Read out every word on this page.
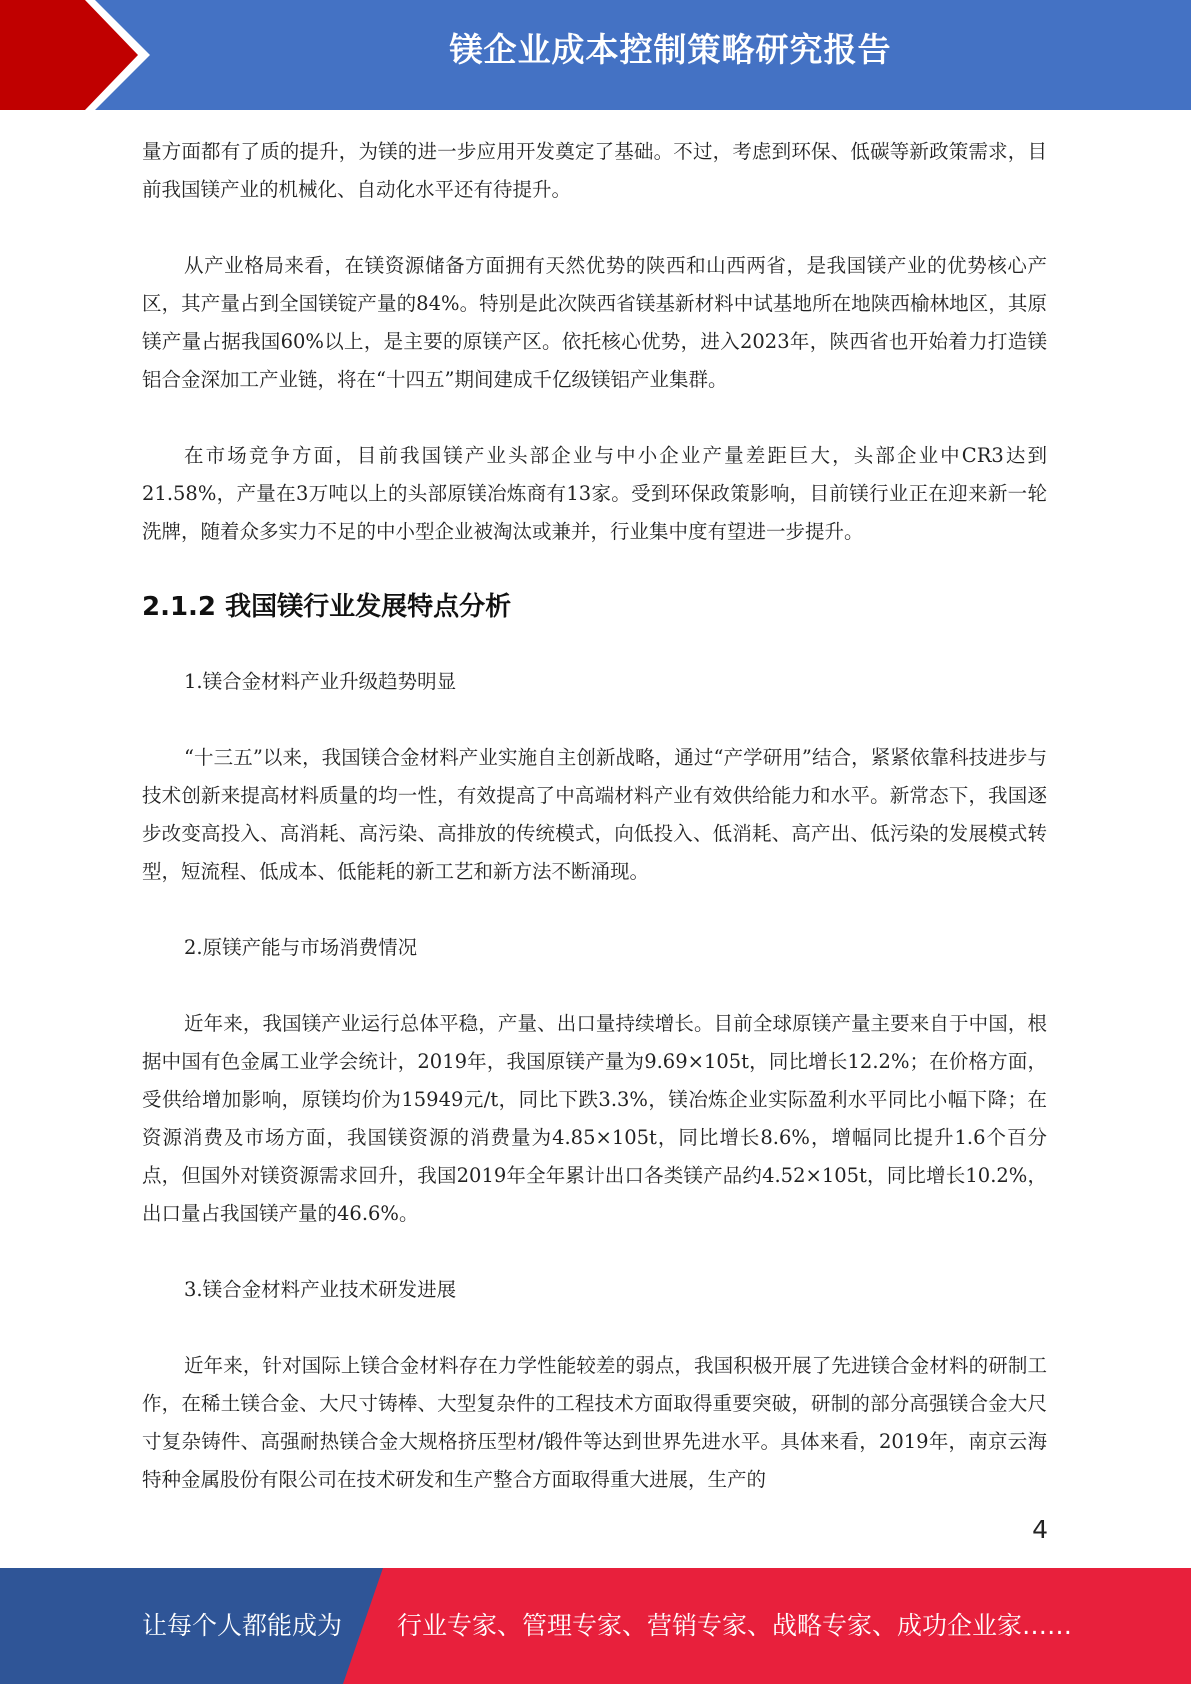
镁企业成本控制策略研究报告

量方面都有了质的提升，为镁的进一步应用开发奠定了基础。不过，考虑到环保、低碳等新政策需求，目前我国镁产业的机械化、自动化水平还有待提升。

从产业格局来看，在镁资源储备方面拥有天然优势的陕西和山西两省，是我国镁产业的优势核心产区，其产量占到全国镁锭产量的84%。特别是此次陕西省镁基新材料中试基地所在地陕西榆林地区，其原镁产量占据我国60%以上，是主要的原镁产区。依托核心优势，进入2023年，陕西省也开始着力打造镁铝合金深加工产业链，将在“十四五”期间建成千亿级镁铝产业集群。

在市场竞争方面，目前我国镁产业头部企业与中小企业产量差距巨大，头部企业中CR3达到21.58%，产量在3万吨以上的头部原镁冶炼商有13家。受到环保政策影响，目前镁行业正在迎来新一轮洗牌，随着众多实力不足的中小型企业被淘汰或兼并，行业集中度有望进一步提升。

2.1.2 我国镁行业发展特点分析

1.镁合金材料产业升级趋势明显

“十三五”以来，我国镁合金材料产业实施自主创新战略，通过“产学研用”结合，紧紧依靠科技进步与技术创新来提高材料质量的均一性，有效提高了中高端材料产业有效供给能力和水平。新常态下，我国逐步改变高投入、高消耗、高污染、高排放的传统模式，向低投入、低消耗、高产出、低污染的发展模式转型，短流程、低成本、低能耗的新工艺和新方法不断涌现。

2.原镁产能与市场消费情况

近年来，我国镁产业运行总体平稳，产量、出口量持续增长。目前全球原镁产量主要来自于中国，根据中国有色金属工业学会统计，2019年，我国原镁产量为9.69×105t，同比增长12.2%；在价格方面，受供给增加影响，原镁均价为15949元/t，同比下跌3.3%，镁冶炼企业实际盈利水平同比小幅下降；在资源消费及市场方面，我国镁资源的消费量为4.85×105t，同比增长8.6%，增幅同比提升1.6个百分点，但国外对镁资源需求回升，我国2019年全年累计出口各类镁产品约4.52×105t，同比增长10.2%，出口量占我国镁产量的46.6%。

3.镁合金材料产业技术研发进展

近年来，针对国际上镁合金材料存在力学性能较差的弱点，我国积极开展了先进镁合金材料的研制工作，在稀土镁合金、大尺寸铸棒、大型复杂件的工程技术方面取得重要突破，研制的部分高强镁合金大尺寸复杂铸件、高强耐热镁合金大规格挤压型材/锻件等达到世界先进水平。具体来看，2019年，南京云海特种金属股份有限公司在技术研发和生产整合方面取得重大进展，生产的

4
让每个人都能成为 行业专家、管理专家、营销专家、战略专家、成功企业家……
